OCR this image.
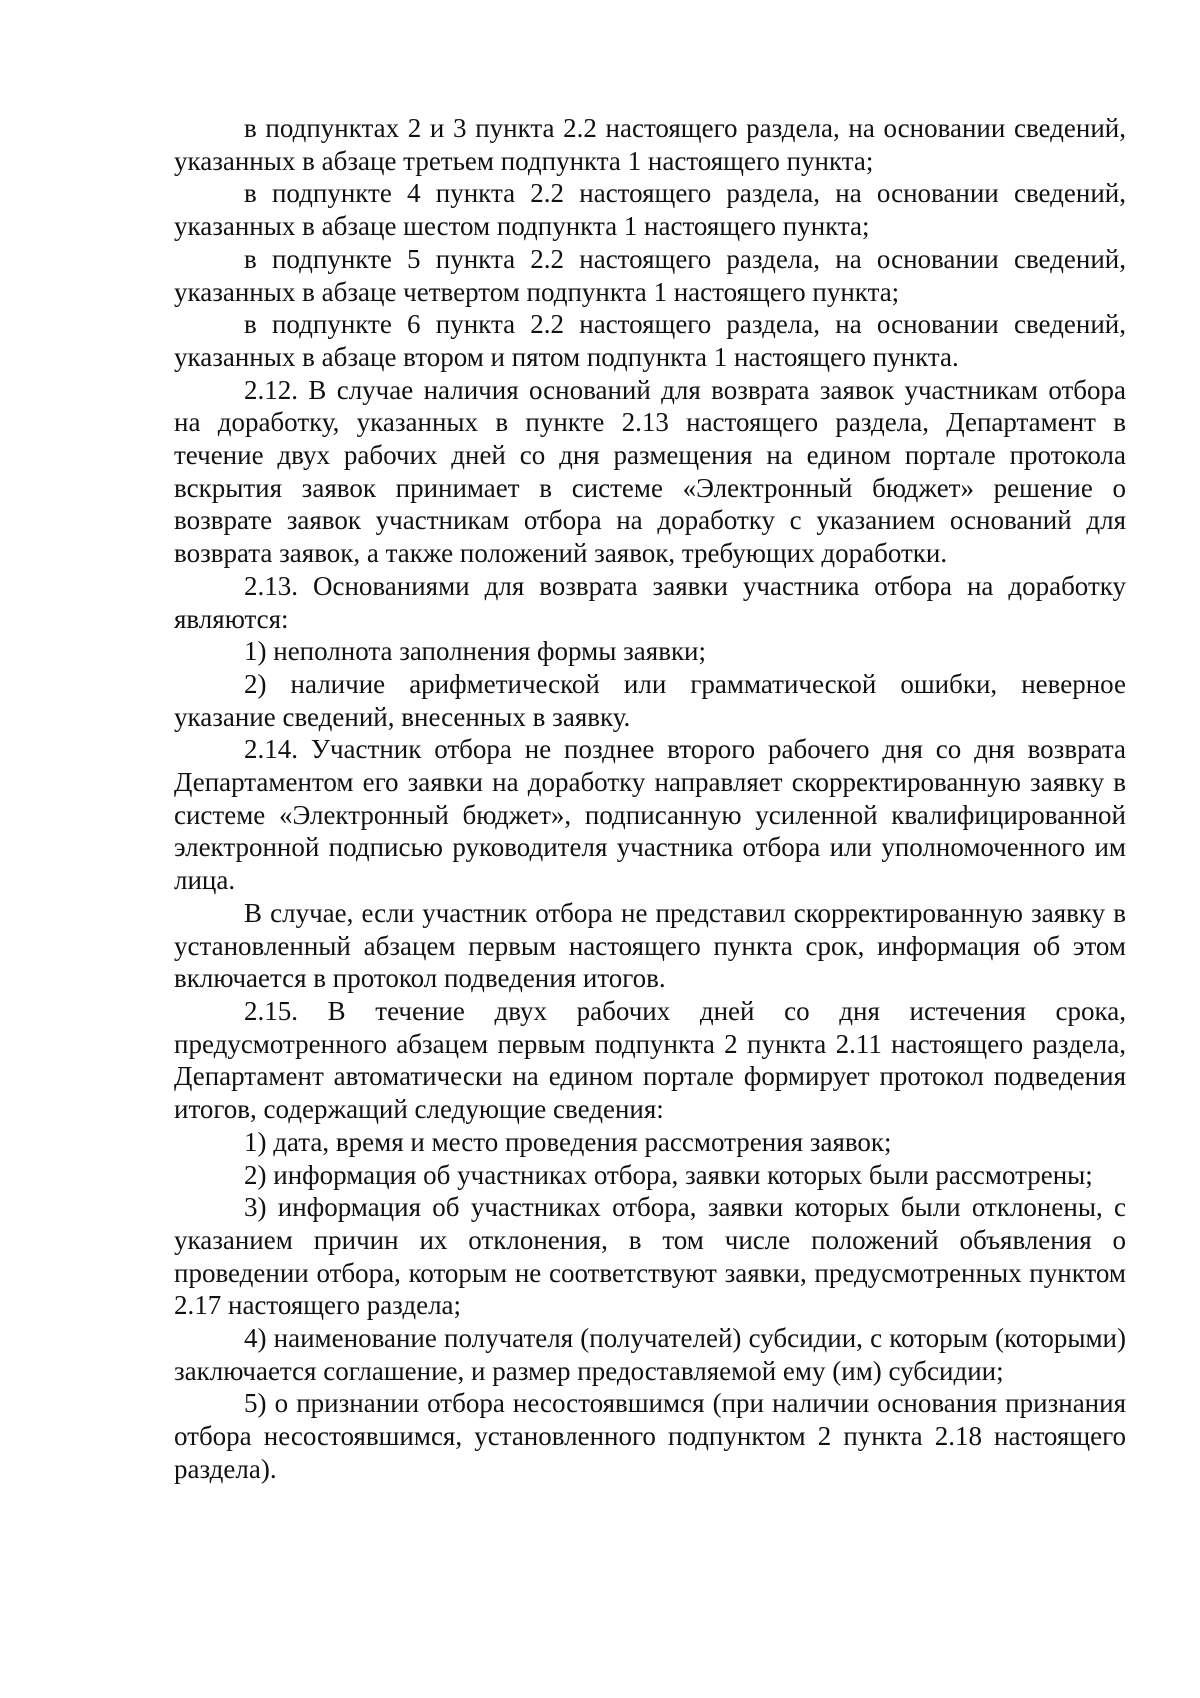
в подпунктах 2 и 3 пункта 2.2 настоящего раздела, на основании сведений, указанных в абзаце третьем подпункта 1 настоящего пункта;

в подпункте 4 пункта 2.2 настоящего раздела, на основании сведений, указанных в абзаце шестом подпункта 1 настоящего пункта;

в подпункте 5 пункта 2.2 настоящего раздела, на основании сведений, указанных в абзаце четвертом подпункта 1 настоящего пункта;

в подпункте 6 пункта 2.2 настоящего раздела, на основании сведений, указанных в абзаце втором и пятом подпункта 1 настоящего пункта.

2.12. В случае наличия оснований для возврата заявок участникам отбора на доработку, указанных в пункте 2.13 настоящего раздела, Департамент в течение двух рабочих дней со дня размещения на едином портале протокола вскрытия заявок принимает в системе «Электронный бюджет» решение о возврате заявок участникам отбора на доработку с указанием оснований для возврата заявок, а также положений заявок, требующих доработки.

2.13. Основаниями для возврата заявки участника отбора на доработку являются:

1) неполнота заполнения формы заявки;

2) наличие арифметической или грамматической ошибки, неверное указание сведений, внесенных в заявку.

2.14. Участник отбора не позднее второго рабочего дня со дня возврата Департаментом его заявки на доработку направляет скорректированную заявку в системе «Электронный бюджет», подписанную усиленной квалифицированной электронной подписью руководителя участника отбора или уполномоченного им лица.

В случае, если участник отбора не представил скорректированную заявку в установленный абзацем первым настоящего пункта срок, информация об этом включается в протокол подведения итогов.

2.15. В течение двух рабочих дней со дня истечения срока, предусмотренного абзацем первым подпункта 2 пункта 2.11 настоящего раздела, Департамент автоматически на едином портале формирует протокол подведения итогов, содержащий следующие сведения:

1) дата, время и место проведения рассмотрения заявок;

2) информация об участниках отбора, заявки которых были рассмотрены;

3) информация об участниках отбора, заявки которых были отклонены, с указанием причин их отклонения, в том числе положений объявления о проведении отбора, которым не соответствуют заявки, предусмотренных пунктом 2.17 настоящего раздела;

4) наименование получателя (получателей) субсидии, с которым (которыми) заключается соглашение, и размер предоставляемой ему (им) субсидии;

5) о признании отбора несостоявшимся (при наличии основания признания отбора несостоявшимся, установленного подпунктом 2 пункта 2.18 настоящего раздела).
